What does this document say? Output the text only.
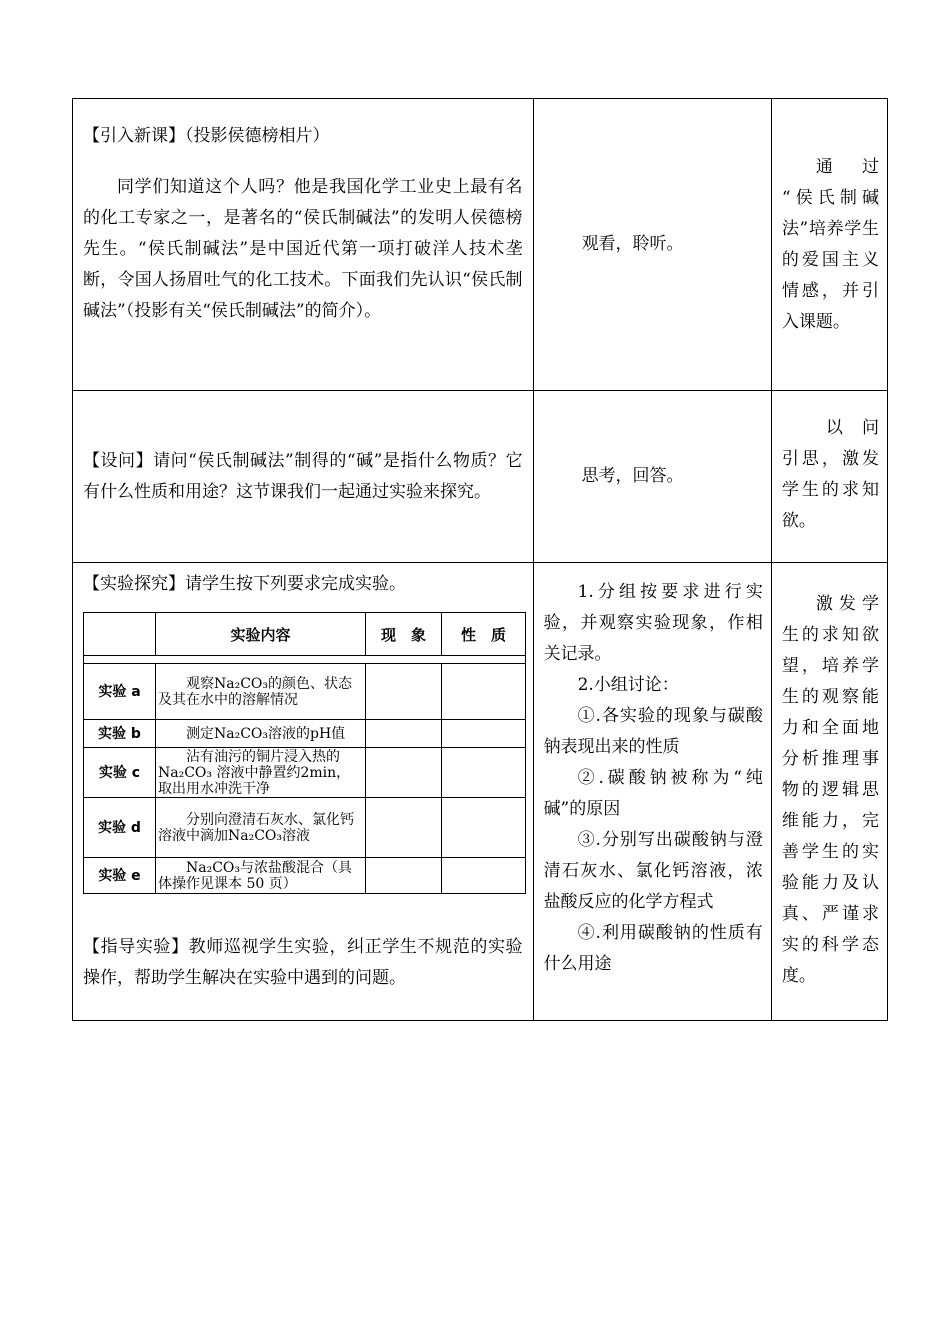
【引入新课】（投影侯德榜相片）

同学们知道这个人吗？他是我国化学工业史上最有名的化工专家之一，是著名的“侯氏制碱法”的发明人侯德榜先生。“侯氏制碱法”是中国近代第一项打破洋人技术垄断，令国人扬眉吐气的化工技术。下面我们先认识“侯氏制碱法”（投影有关“侯氏制碱法”的简介）。

观看，聆听。

通　过
“侯氏制碱法”培养学生的爱国主义情感，并引入课题。

【设问】请问“侯氏制碱法”制得的“碱”是指什么物质？它有什么性质和用途？这节课我们一起通过实验来探究。

思考，回答。

以　问
引思，激发学生的求知欲。

【实验探究】请学生按下列要求完成实验。

	实验内容	现　象	性　质

实验 a	观察Na₂CO₃的颜色、状态及其在水中的溶解情况		
实验 b	测定Na₂CO₃溶液的pH值		
实验 c	沾有油污的铜片浸入热的 Na₂CO₃ 溶液中静置约2min，取出用水冲洗干净		
实验 d	分别向澄清石灰水、氯化钙溶液中滴加Na₂CO₃溶液		
实验 e	Na₂CO₃与浓盐酸混合（具体操作见课本 50 页）		

【指导实验】教师巡视学生实验，纠正学生不规范的实验操作，帮助学生解决在实验中遇到的问题。

1.分组按要求进行实验，并观察实验现象，作相关记录。
2.小组讨论：
①.各实验的现象与碳酸钠表现出来的性质
②.碳酸钠被称为“纯碱”的原因
③.分别写出碳酸钠与澄清石灰水、氯化钙溶液，浓盐酸反应的化学方程式
④.利用碳酸钠的性质有什么用途

激发学生的求知欲望，培养学生的观察能力和全面地分析推理事物的逻辑思维能力，完善学生的实验能力及认真、严谨求实的科学态度。
